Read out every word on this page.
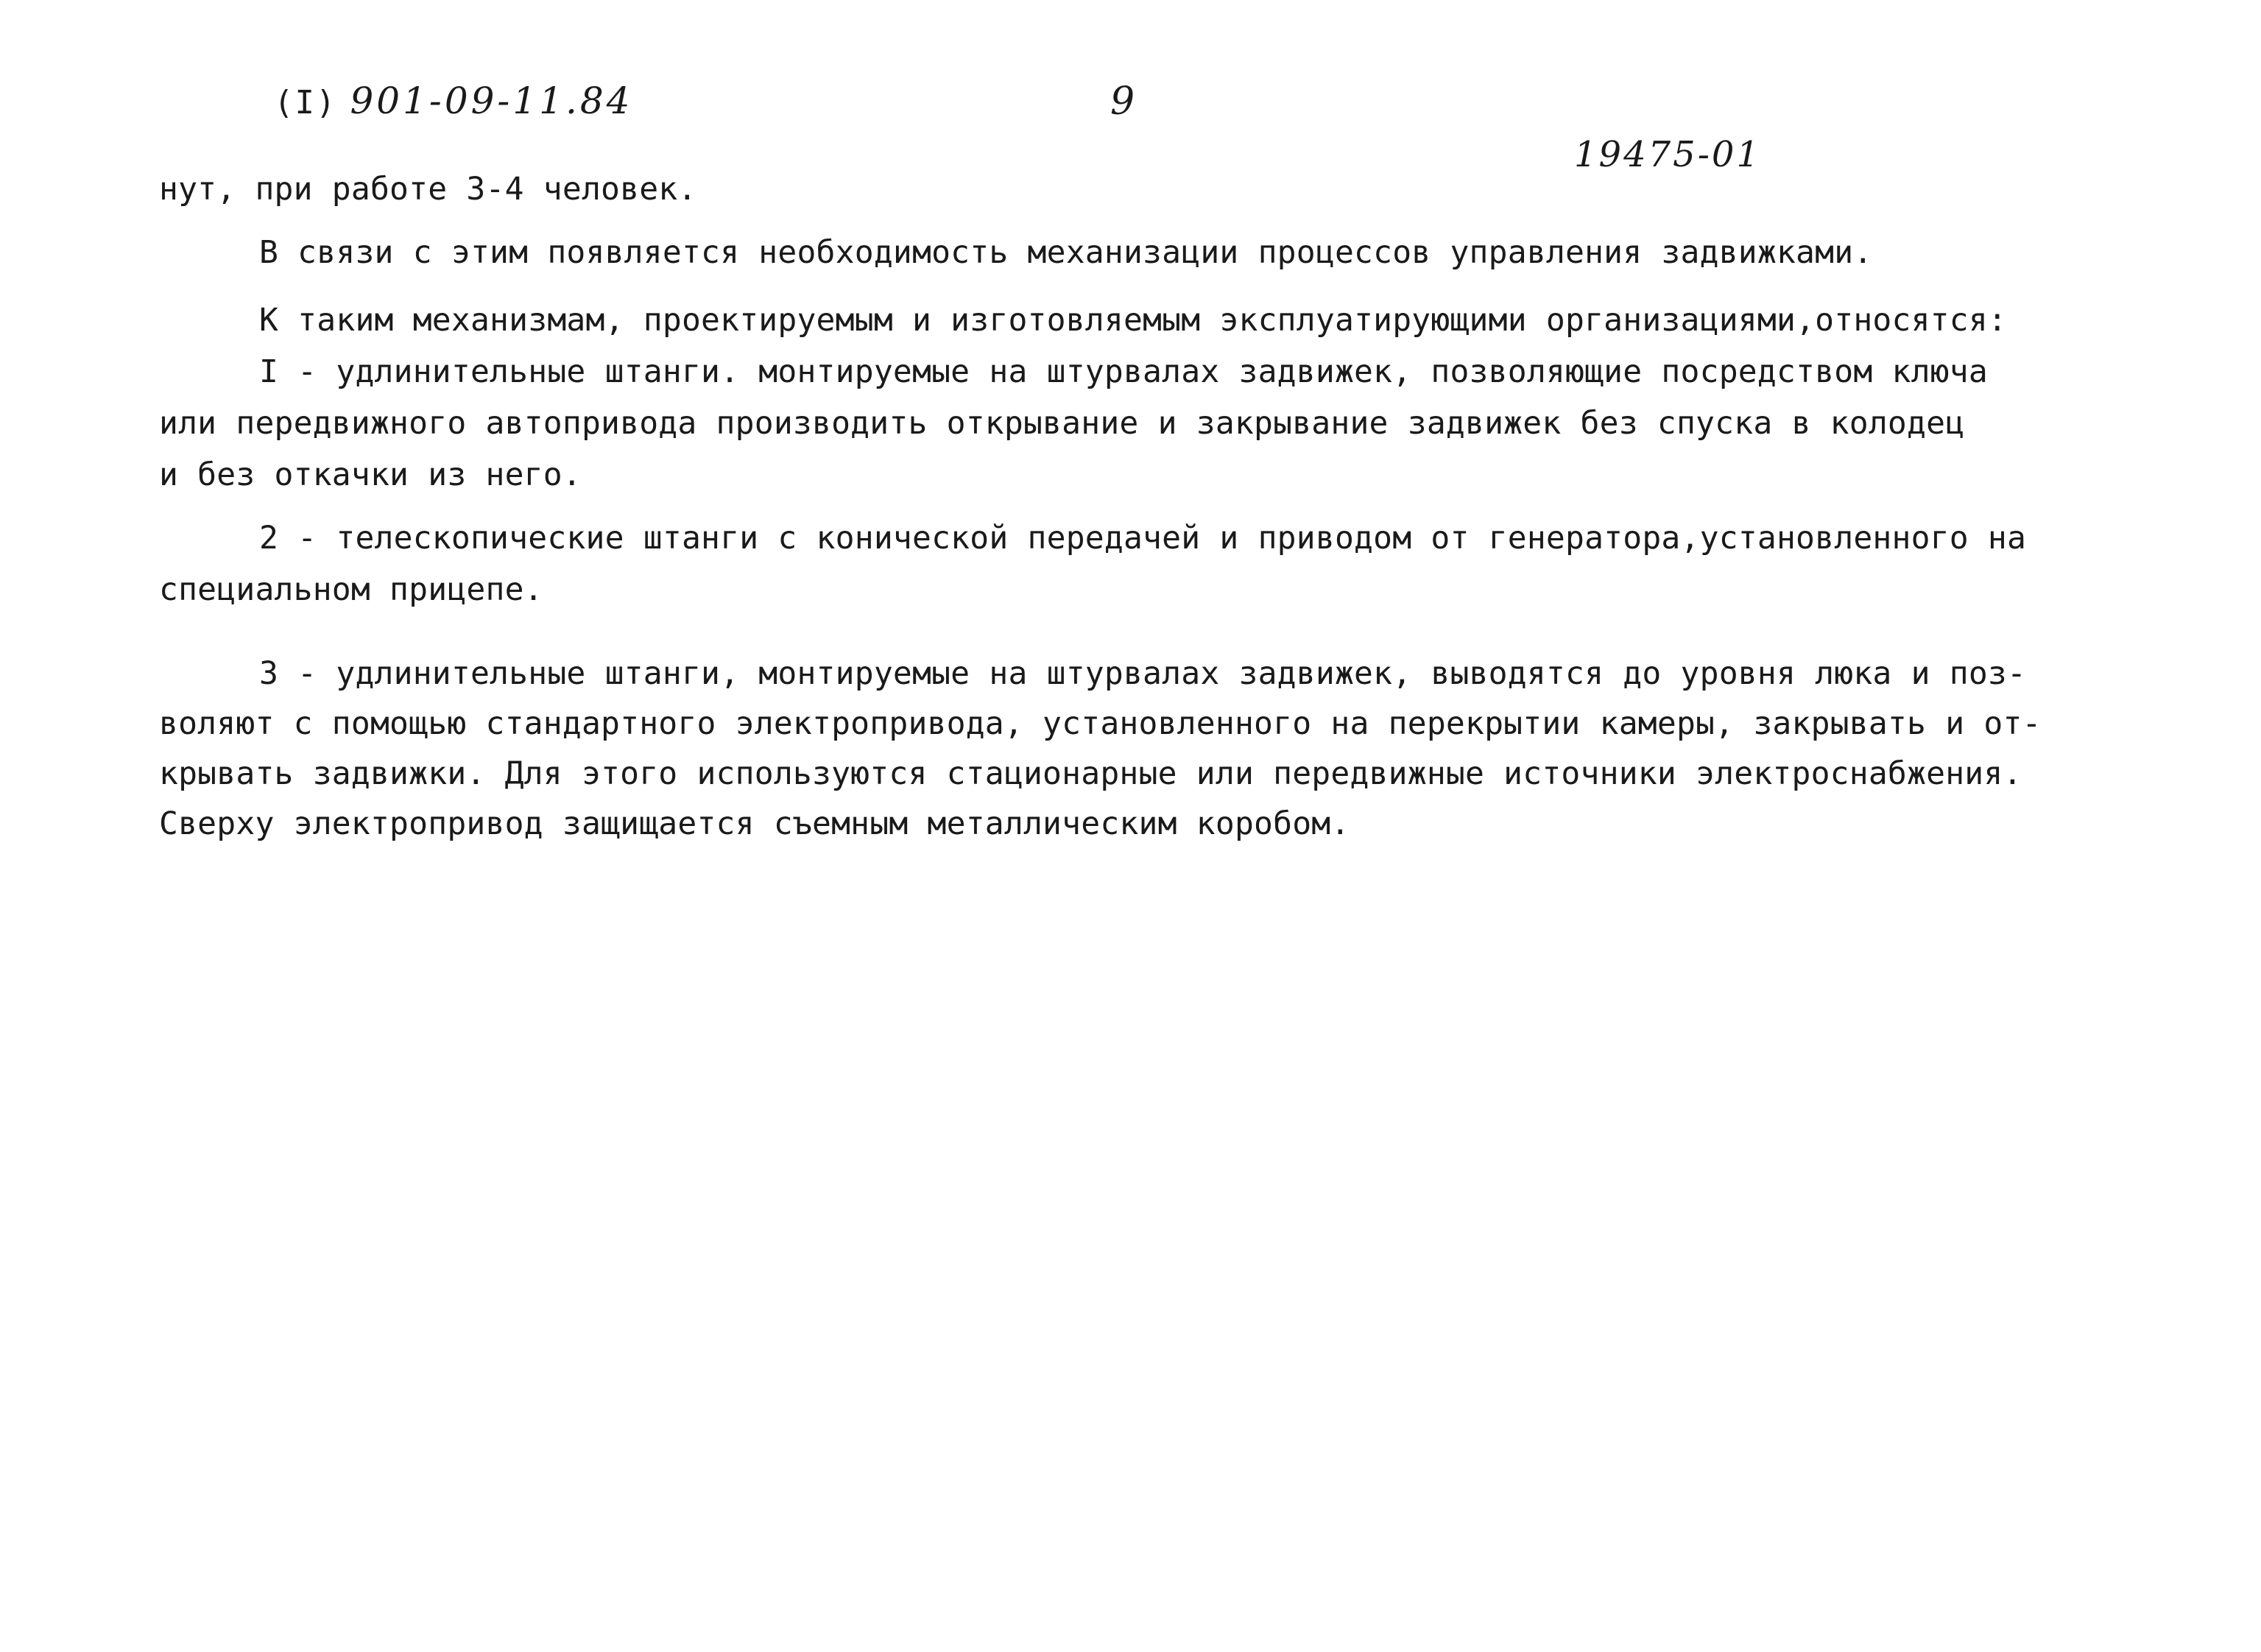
(I) 901-09-11.84	9
19475-01
нут, при работе 3-4 человек.
В связи с этим появляется необходимость механизации процессов управления задвижками.
К таким механизмам, проектируемым и изготовляемым эксплуатирующими организациями,относятся:
I - удлинительные штанги. монтируемые на штурвалах задвижек, позволяющие посредством ключа
или передвижного автопривода производить открывание и закрывание задвижек без спуска в колодец
и без откачки из него.
2 - телескопические штанги с конической передачей и приводом от генератора,установленного на
специальном прицепе.
3 - удлинительные штанги, монтируемые на штурвалах задвижек, выводятся до уровня люка и поз-
воляют с помощью стандартного электропривода, установленного на перекрытии камеры, закрывать и от-
крывать задвижки. Для этого используются стационарные или передвижные источники электроснабжения.
Сверху электропривод защищается съемным металлическим коробом.
